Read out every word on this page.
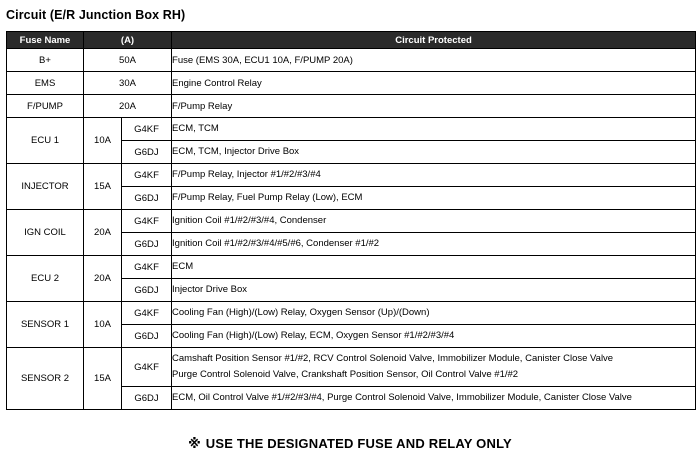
Circuit (E/R Junction Box RH)
Fuse Name	(A)		Circuit Protected
B+	50A		Fuse (EMS 30A, ECU1 10A, F/PUMP 20A)
EMS	30A		Engine Control Relay
F/PUMP	20A		F/Pump Relay
ECU 1	10A	G4KF	ECM, TCM

		G6DJ	ECM, TCM, Injector Drive Box

INJECTOR	15A	G4KF	F/Pump Relay, Injector #1/#2/#3/#4

		G6DJ	F/Pump Relay, Fuel Pump Relay (Low), ECM

IGN COIL	20A	G4KF	Ignition Coil #1/#2/#3/#4, Condenser

		G6DJ	Ignition Coil #1/#2/#3/#4/#5/#6, Condenser #1/#2

ECU 2	20A	G4KF	ECM

		G6DJ	Injector Drive Box

SENSOR 1	10A	G4KF	Cooling Fan (High)/(Low) Relay, Oxygen Sensor (Up)/(Down)

		G6DJ	Cooling Fan (High)/(Low) Relay, ECM, Oxygen Sensor #1/#2/#3/#4

SENSOR 2	15A	G4KF	Camshaft Position Sensor #1/#2, RCV Control Solenoid Valve, Immobilizer Module, Canister Close Valve
Purge Control Solenoid Valve, Crankshaft Position Sensor, Oil Control Valve #1/#2

		G6DJ	ECM, Oil Control Valve #1/#2/#3/#4, Purge Control Solenoid Valve, Immobilizer Module, Canister Close Valve
※ USE THE DESIGNATED FUSE AND RELAY ONLY
